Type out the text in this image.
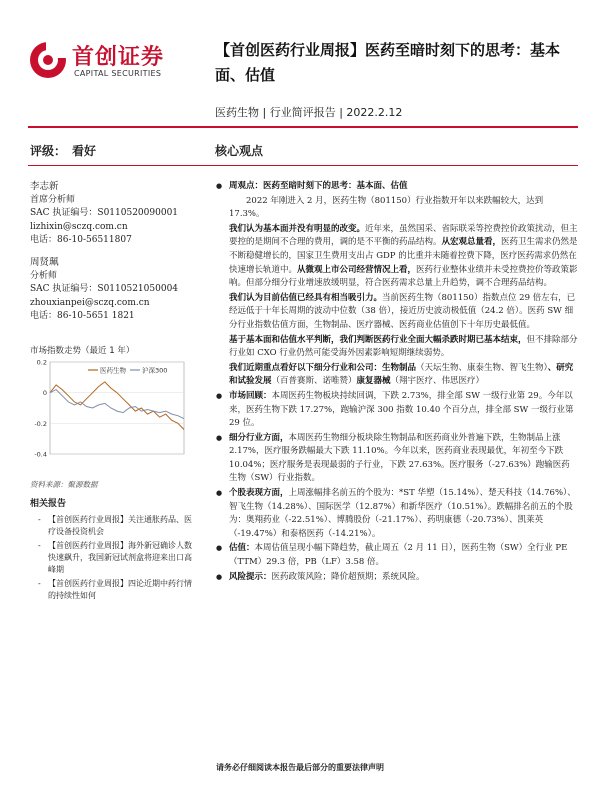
首创证券
CAPITAL SECURITIES
【首创医药行业周报】医药至暗时刻下的思考：基本面、估值
医药生物 | 行业简评报告 | 2022.2.12
评级： 看好	核心观点
李志新
首席分析师
SAC 执证编号：S0110520090001
lizhixin@sczq.com.cn
电话：86-10-56511807
周贤珮
分析师
SAC 执证编号：S0110521050004
zhouxianpei@sczq.com.cn
电话：86-10-5651 1821
市场指数走势（最近 1 年）
0.2
0
-0.2
-0.4
医药生物 沪深300
资料来源：聚源数据
相关报告
- 【首创医药行业周报】关注通胀药品、医疗设备投资机会
- 【首创医药行业周报】海外新冠确诊人数快速飙升，我国新冠试剂盒将迎来出口高峰期
- 【首创医药行业周报】四论近期中药行情的持续性如何
● 周观点：医药至暗时刻下的思考：基本面、估值
2022 年刚进入 2 月，医药生物（801150）行业指数开年以来跌幅较大，达到 17.3%。
我们认为基本面并没有明显的改变。近年来，虽然国采、省际联采等控费控价政策扰动，但主要控的是期间不合理的费用，调的是不平衡的药品结构。从宏观总量看，医药卫生需求仍然是不断稳健增长的，国家卫生费用支出占 GDP 的比重并未随着控费下降，医疗医药需求仍然在快速增长轨道中。从微观上市公司经营情况上看，医药行业整体业绩并未受控费控价等政策影响。但部分细分行业增速放缓明显，符合医药需求总量上升趋势，调不合理药品结构。
我们认为目前估值已经具有相当吸引力。当前医药生物（801150）指数点位 29 倍左右，已经远低于十年长周期的波动中位数（38 倍），接近历史波动极低值（24.2 倍）。医药 SW 细分行业指数估值方面，生物制品、医疗器械、医药商业估值创下十年历史最低值。
基于基本面和估值水平判断，我们判断医药行业全面大幅杀跌时期已基本结束，但不排除部分行业如 CXO 行业仍然可能受海外因素影响短期继续弱势。
我们近期重点看好以下细分行业和公司：生物制品（天坛生物、康泰生物、智飞生物）、研究和试验发展（百普赛斯、诺唯赞）康复器械（翔宇医疗、伟思医疗）
● 市场回顾：本周医药生物板块持续回调，下跌 2.73%，排全部 SW 一级行业第 29。今年以来，医药生物下跌 17.27%，跑输沪深 300 指数 10.40 个百分点，排全部 SW 一级行业第 29 位。
● 细分行业方面，本周医药生物细分板块除生物制品和医药商业外普遍下跌，生物制品上涨 2.17%，医疗服务跌幅最大下跌 11.10%。今年以来，医药商业表现最优，年初至今下跌 10.04%；医疗服务是表现最弱的子行业，下跌 27.63%。医疗服务（-27.63%）跑输医药生物（SW）行业指数。
● 个股表现方面，上周涨幅排名前五的个股为：*ST 华塑（15.14%）、楚天科技（14.76%）、智飞生物（14.28%）、国际医学（12.87%）和新华医疗（10.51%）。跌幅排名前五的个股为：奥翔药业（-22.51%）、博腾股份（-21.17%）、药明康德（-20.73%）、凯莱英（-19.47%）和泰格医药（-14.21%）。
● 估值：本周估值呈现小幅下降趋势，截止周五（2 月 11 日），医药生物（SW）全行业 PE（TTM）29.3 倍，PB（LF）3.58 倍。
● 风险提示：医药政策风险；降价超预期；系统风险。
请务必仔细阅读本报告最后部分的重要法律声明
